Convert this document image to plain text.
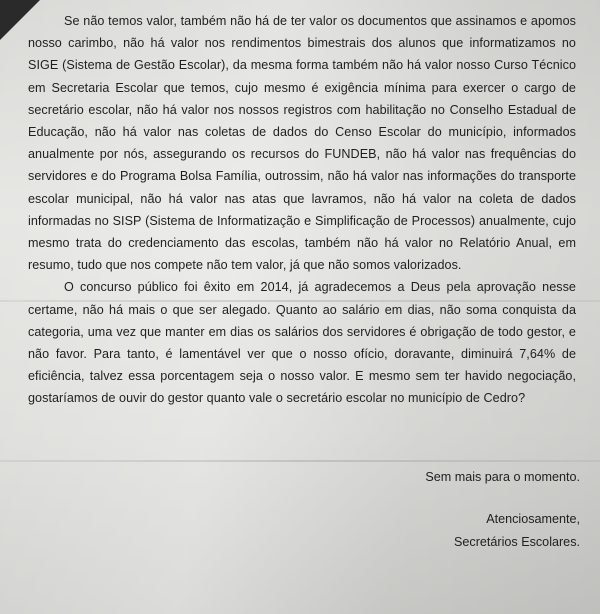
Se não temos valor, também não há de ter valor os documentos que assinamos e apomos nosso carimbo, não há valor nos rendimentos bimestrais dos alunos que informatizamos no SIGE (Sistema de Gestão Escolar), da mesma forma também não há valor nosso Curso Técnico em Secretaria Escolar que temos, cujo mesmo é exigência mínima para exercer o cargo de secretário escolar, não há valor nos nossos registros com habilitação no Conselho Estadual de Educação, não há valor nas coletas de dados do Censo Escolar do município, informados anualmente por nós, assegurando os recursos do FUNDEB, não há valor nas frequências do servidores e do Programa Bolsa Família, outrossim, não há valor nas informações do transporte escolar municipal, não há valor nas atas que lavramos, não há valor na coleta de dados informadas no SISP (Sistema de Informatização e Simplificação de Processos) anualmente, cujo mesmo trata do credenciamento das escolas, também não há valor no Relatório Anual, em resumo, tudo que nos compete não tem valor, já que não somos valorizados.

O concurso público foi êxito em 2014, já agradecemos a Deus pela aprovação nesse certame, não há mais o que ser alegado. Quanto ao salário em dias, não soma conquista da categoria, uma vez que manter em dias os salários dos servidores é obrigação de todo gestor, e não favor. Para tanto, é lamentável ver que o nosso ofício, doravante, diminuirá 7,64% de eficiência, talvez essa porcentagem seja o nosso valor. E mesmo sem ter havido negociação, gostaríamos de ouvir do gestor quanto vale o secretário escolar no município de Cedro?

Sem mais para o momento.
Atenciosamente,
Secretários Escolares.
